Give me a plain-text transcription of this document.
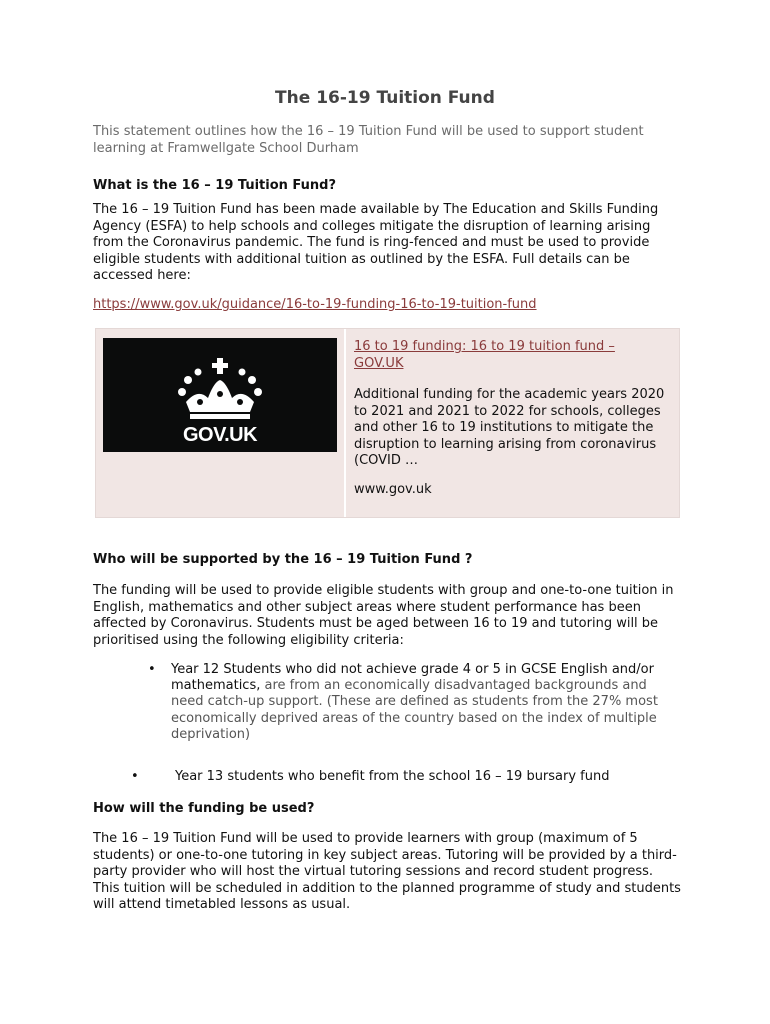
The 16-19 Tuition Fund

This statement outlines how the 16 – 19 Tuition Fund will be used to support student learning at Framwellgate School Durham

What is the 16 – 19 Tuition Fund?

The 16 – 19 Tuition Fund has been made available by The Education and Skills Funding Agency (ESFA) to help schools and colleges mitigate the disruption of learning arising from the Coronavirus pandemic. The fund is ring-fenced and must be used to provide eligible students with additional tuition as outlined by the ESFA. Full details can be accessed here:

https://www.gov.uk/guidance/16-to-19-funding-16-to-19-tuition-fund

GOV.UK

16 to 19 funding: 16 to 19 tuition fund – GOV.UK

Additional funding for the academic years 2020 to 2021 and 2021 to 2022 for schools, colleges and other 16 to 19 institutions to mitigate the disruption to learning arising from coronavirus (COVID …

www.gov.uk

Who will be supported by the 16 – 19 Tuition Fund ?

The funding will be used to provide eligible students with group and one-to-one tuition in English, mathematics and other subject areas where student performance has been affected by Coronavirus. Students must be aged between 16 to 19 and tutoring will be prioritised using the following eligibility criteria:

• Year 12 Students who did not achieve grade 4 or 5 in GCSE English and/or mathematics, are from an economically disadvantaged backgrounds and need catch-up support. (These are defined as students from the 27% most economically deprived areas of the country based on the index of multiple deprivation)
•	Year 13 students who benefit from the school 16 – 19 bursary fund
How will the funding be used?

The 16 – 19 Tuition Fund will be used to provide learners with group (maximum of 5 students) or one-to-one tutoring in key subject areas. Tutoring will be provided by a third-party provider who will host the virtual tutoring sessions and record student progress. This tuition will be scheduled in addition to the planned programme of study and students will attend timetabled lessons as usual.
